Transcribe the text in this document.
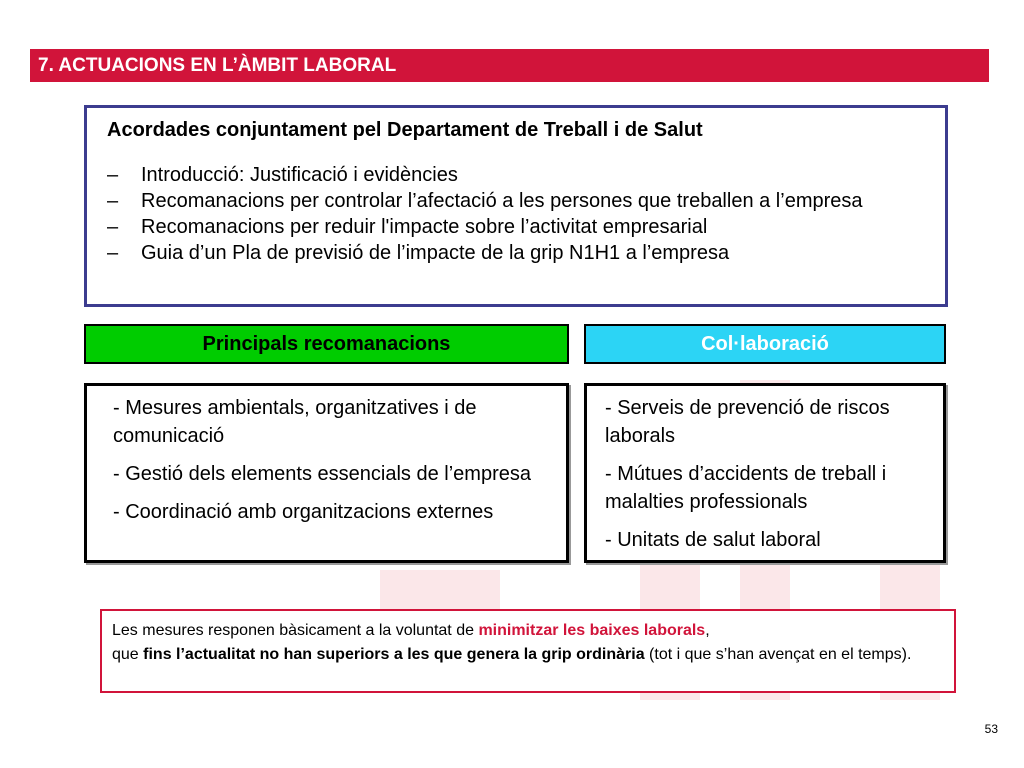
7. ACTUACIONS EN L’ÀMBIT LABORAL

Acordades conjuntament pel Departament de Treball i de Salut

– Introducció: Justificació i evidències
– Recomanacions per controlar l’afectació a les persones que treballen a l’empresa
– Recomanacions per reduir l'impacte sobre l’activitat empresarial
– Guia d’un Pla de previsió de l’impacte de la grip N1H1 a l’empresa
Principals recomanacions	Col·laboració
- Mesures ambientals, organitzatives i de comunicació
- Gestió dels elements essencials de l’empresa
- Coordinació amb organitzacions externes
- Serveis de prevenció de riscos laborals
- Mútues d’accidents de treball i malalties professionals
- Unitats de salut laboral
Les mesures responen bàsicament a la voluntat de minimitzar les baixes laborals,
que fins l’actualitat no han superiors a les que genera la grip ordinària (tot i que s’han avençat en el temps).
53
